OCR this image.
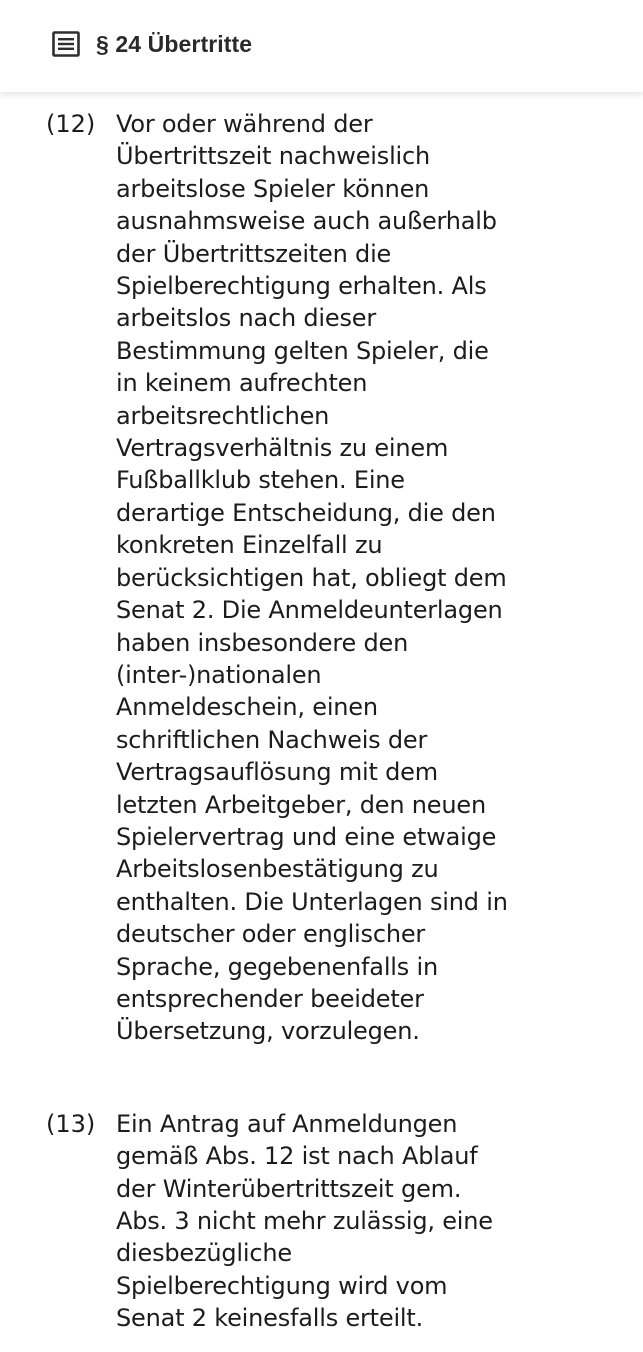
§ 24 Übertritte
(12) Vor oder während der
Übertrittszeit nachweislich
arbeitslose Spieler können
ausnahmsweise auch außerhalb
der Übertrittszeiten die
Spielberechtigung erhalten. Als
arbeitslos nach dieser
Bestimmung gelten Spieler, die
in keinem aufrechten
arbeitsrechtlichen
Vertragsverhältnis zu einem
Fußballklub stehen. Eine
derartige Entscheidung, die den
konkreten Einzelfall zu
berücksichtigen hat, obliegt dem
Senat 2. Die Anmeldeunterlagen
haben insbesondere den
(inter-)nationalen
Anmeldeschein, einen
schriftlichen Nachweis der
Vertragsauflösung mit dem
letzten Arbeitgeber, den neuen
Spielervertrag und eine etwaige
Arbeitslosenbestätigung zu
enthalten. Die Unterlagen sind in
deutscher oder englischer
Sprache, gegebenenfalls in
entsprechender beeideter
Übersetzung, vorzulegen.
(13) Ein Antrag auf Anmeldungen
gemäß Abs. 12 ist nach Ablauf
der Winterübertrittszeit gem.
Abs. 3 nicht mehr zulässig, eine
diesbezügliche
Spielberechtigung wird vom
Senat 2 keinesfalls erteilt.
